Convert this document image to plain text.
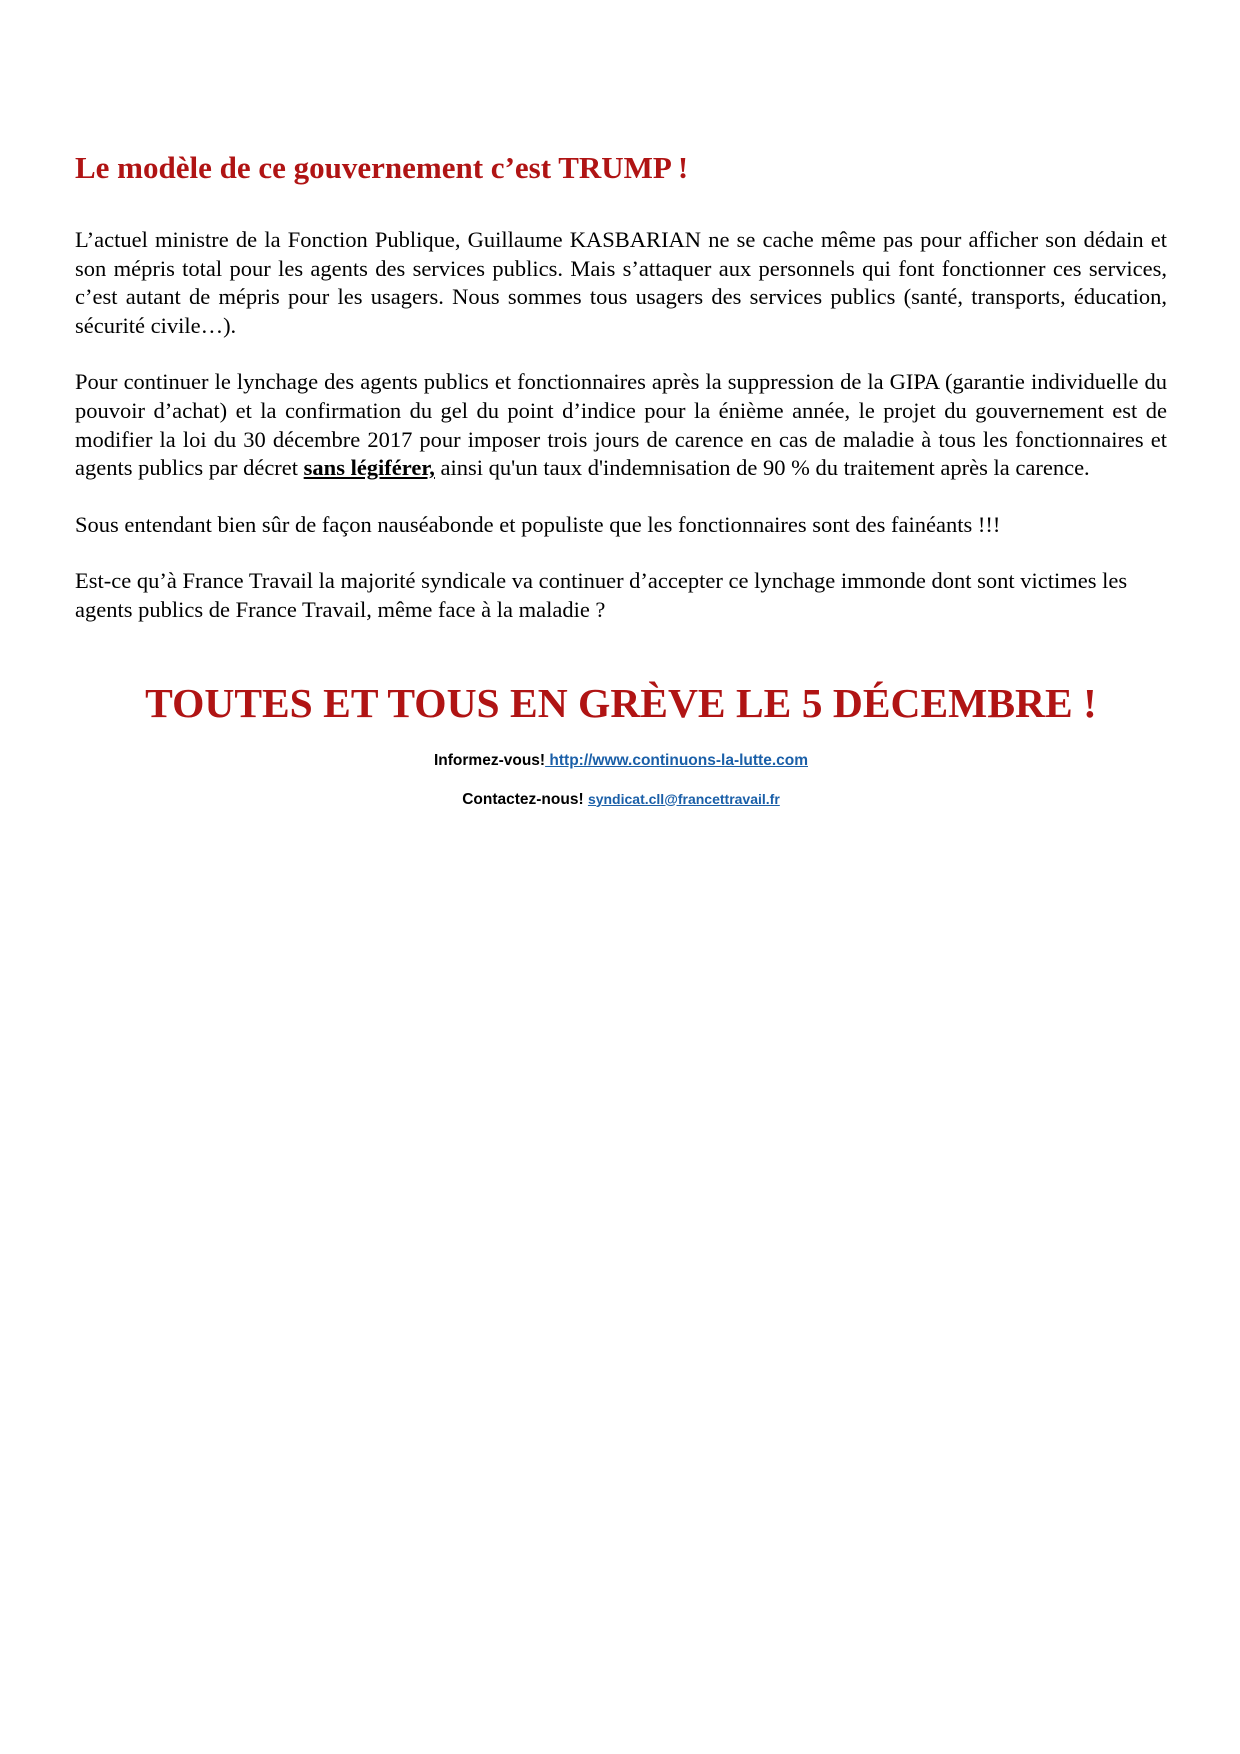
Le modèle de ce gouvernement c’est TRUMP !

L’actuel ministre de la Fonction Publique, Guillaume KASBARIAN ne se cache même pas pour afficher son dédain et son mépris total pour les agents des services publics. Mais s’attaquer aux personnels qui font fonctionner ces services, c’est autant de mépris pour les usagers. Nous sommes tous usagers des services publics (santé, transports, éducation, sécurité civile…).

Pour continuer le lynchage des agents publics et fonctionnaires après la suppression de la GIPA (garantie individuelle du pouvoir d’achat) et la confirmation du gel du point d’indice pour la énième année, le projet du gouvernement est de modifier la loi du 30 décembre 2017 pour imposer trois jours de carence en cas de maladie à tous les fonctionnaires et agents publics par décret sans légiférer, ainsi qu'un taux d'indemnisation de 90 % du traitement après la carence.

Sous entendant bien sûr de façon nauséabonde et populiste que les fonctionnaires sont des fainéants !!!

Est-ce qu’à France Travail la majorité syndicale va continuer d’accepter ce lynchage immonde dont sont victimes les agents publics de France Travail, même face à la maladie ?

TOUTES ET TOUS EN GRÈVE LE 5 DÉCEMBRE !
Informez-vous! http://www.continuons-la-lutte.com
Contactez-nous! syndicat.cll@francettravail.fr
